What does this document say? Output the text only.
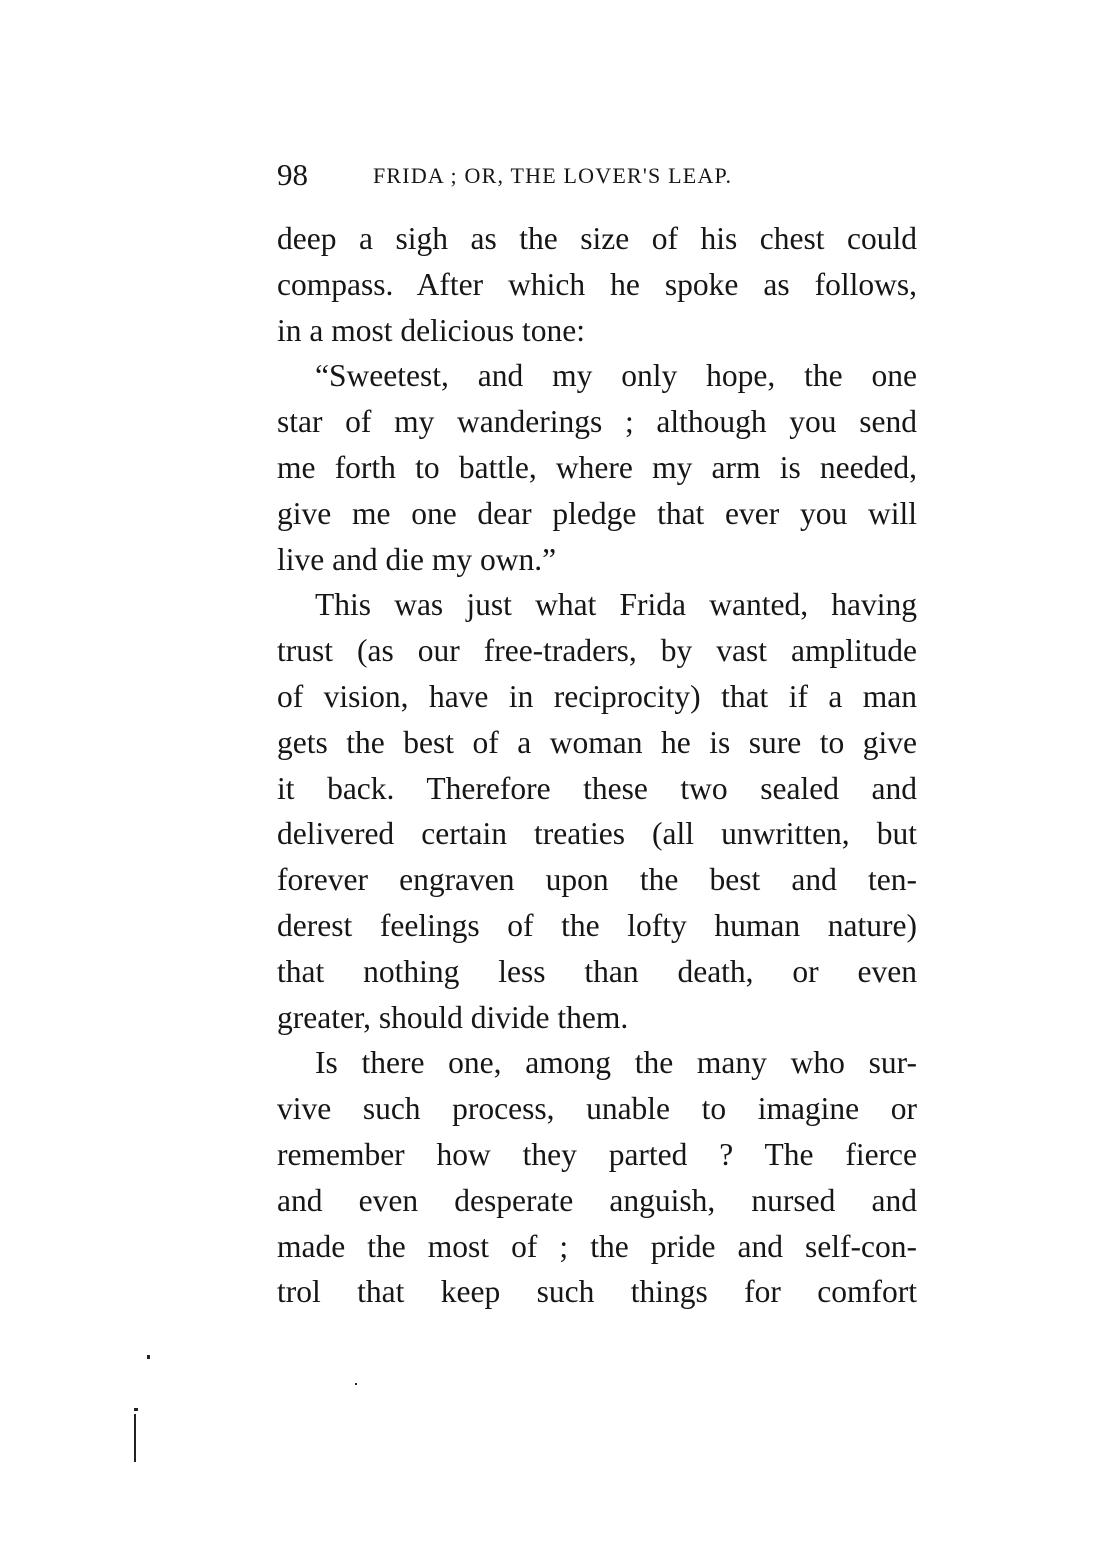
98	FRIDA ; OR, THE LOVER'S LEAP.
deep a sigh as the size of his chest could
compass. After which he spoke as follows,
in a most delicious tone:
“Sweetest, and my only hope, the one
star of my wanderings ; although you send
me forth to battle, where my arm is needed,
give me one dear pledge that ever you will
live and die my own.”
This was just what Frida wanted, having
trust (as our free-traders, by vast amplitude
of vision, have in reciprocity) that if a man
gets the best of a woman he is sure to give
it back. Therefore these two sealed and
delivered certain treaties (all unwritten, but
forever engraven upon the best and ten-
derest feelings of the lofty human nature)
that nothing less than death, or even
greater, should divide them.
Is there one, among the many who sur-
vive such process, unable to imagine or
remember how they parted ? The fierce
and even desperate anguish, nursed and
made the most of ; the pride and self-con-
trol that keep such things for comfort
